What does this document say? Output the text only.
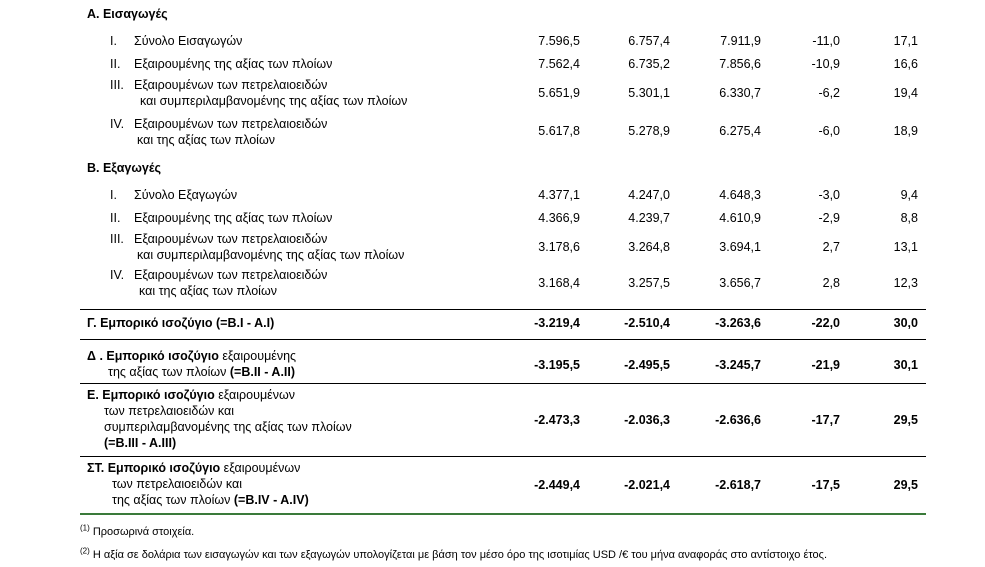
Α. Εισαγωγές
I. Σύνολο Εισαγωγών	7.596,5	6.757,4	7.911,9	-11,0	17,1
II. Εξαιρουμένης της αξίας των πλοίων	7.562,4	6.735,2	7.856,6	-10,9	16,6
III. Εξαιρουμένων των πετρελαιοειδών
και συμπεριλαμβανομένης της αξίας των πλοίων
5.651,9	5.301,1	6.330,7	-6,2	19,4
IV. Εξαιρουμένων των πετρελαιοειδών
και της αξίας των πλοίων
5.617,8	5.278,9	6.275,4	-6,0	18,9
Β. Εξαγωγές
I. Σύνολο Εξαγωγών	4.377,1	4.247,0	4.648,3	-3,0	9,4
II. Εξαιρουμένης της αξίας των πλοίων	4.366,9	4.239,7	4.610,9	-2,9	8,8
III. Εξαιρουμένων των πετρελαιοειδών
και συμπεριλαμβανομένης της αξίας των πλοίων
3.178,6	3.264,8	3.694,1	2,7	13,1
IV. Εξαιρουμένων των πετρελαιοειδών
και της αξίας των πλοίων
3.168,4	3.257,5	3.656,7	2,8	12,3
Γ. Εμπορικό ισοζύγιο (=Β.I - A.I)	-3.219,4	-2.510,4	-3.263,6	-22,0	30,0
Δ . Εμπορικό ισοζύγιο εξαιρουμένης
της αξίας των πλοίων (=Β.II - A.II)	-3.195,5	-2.495,5	-3.245,7	-21,9	30,1
Ε. Εμπορικό ισοζύγιο εξαιρουμένων
των πετρελαιοειδών και
συμπεριλαμβανομένης της αξίας των πλοίων
(=Β.III - A.III)
-2.473,3	-2.036,3	-2.636,6	-17,7	29,5
ΣΤ. Εμπορικό ισοζύγιο εξαιρουμένων
των πετρελαιοειδών και
της αξίας των πλοίων (=Β.IV - A.IV)
-2.449,4	-2.021,4	-2.618,7	-17,5	29,5
$^{(1)}$ Προσωρινά στοιχεία.
$^{(2)}$ Η αξία σε δολάρια των εισαγωγών και των εξαγωγών υπολογίζεται με βάση τον μέσο όρο της ισοτιμίας USD /€ του μήνα αναφοράς στο αντίστοιχο έτος.
